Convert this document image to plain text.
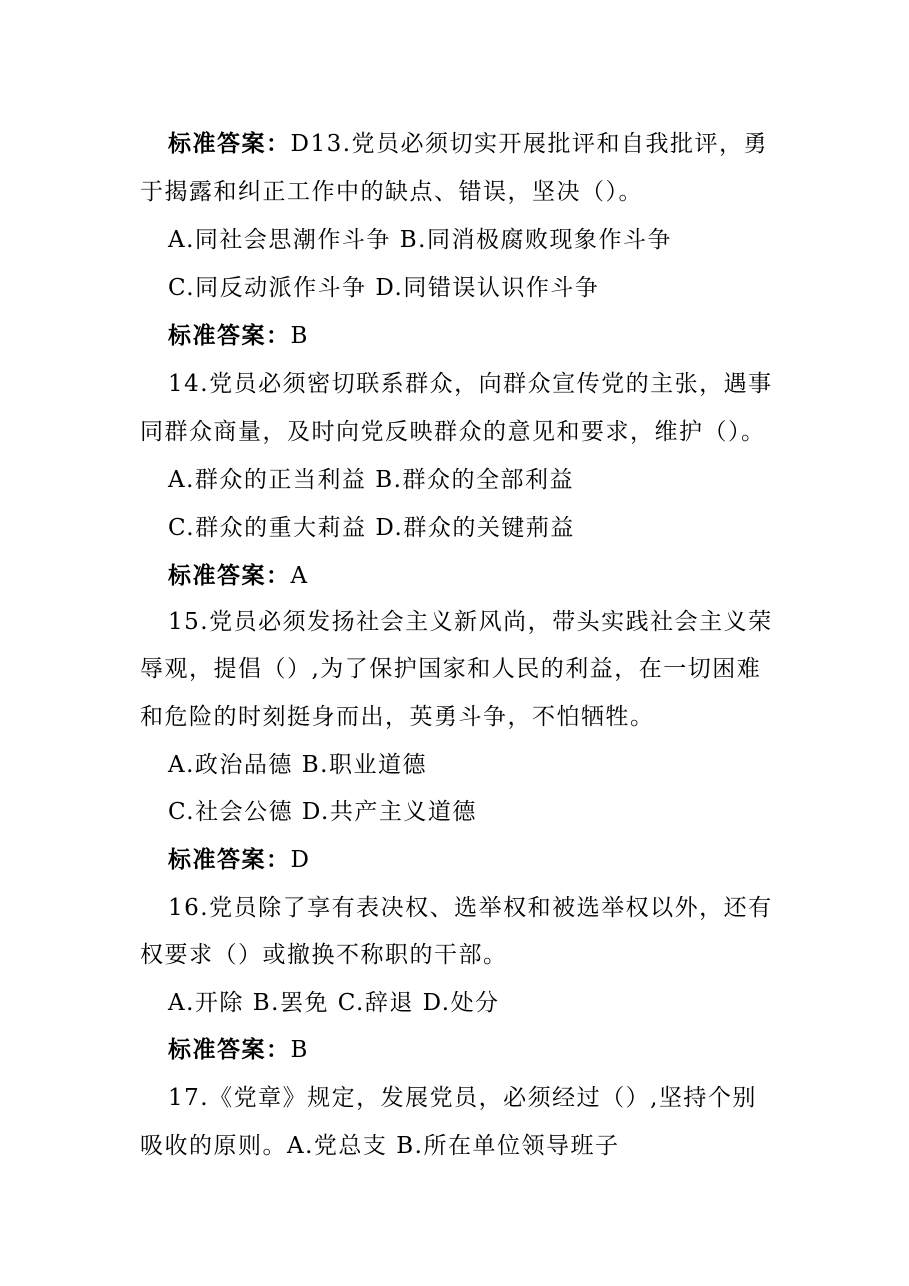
标准答案：D13.党员必须切实开展批评和自我批评，勇
于揭露和纠正工作中的缺点、错误，坚决（）。
A.同社会思潮作斗争 B.同消极腐败现象作斗争
C.同反动派作斗争 D.同错误认识作斗争
标准答案：B
14.党员必须密切联系群众，向群众宣传党的主张，遇事
同群众商量，及时向党反映群众的意见和要求，维护（）。
A.群众的正当利益 B.群众的全部利益
C.群众的重大莉益 D.群众的关键荊益
标准答案：A
15.党员必须发扬社会主义新风尚，带头实践社会主义荣
辱观，提倡（）,为了保护国家和人民的利益，在一切困难
和危险的时刻挺身而出，英勇斗争，不怕牺牲。
A.政治品德 B.职业道德
C.社会公德 D.共产主义道德
标准答案：D
16.党员除了享有表决权、选举权和被选举权以外，还有
权要求（）或撤换不称职的干部。
A.开除 B.罢免 C.辞退 D.处分
标准答案：B
17.《党章》规定，发展党员，必须经过（）,坚持个别
吸收的原则。A.党总支 B.所在单位领导班子
